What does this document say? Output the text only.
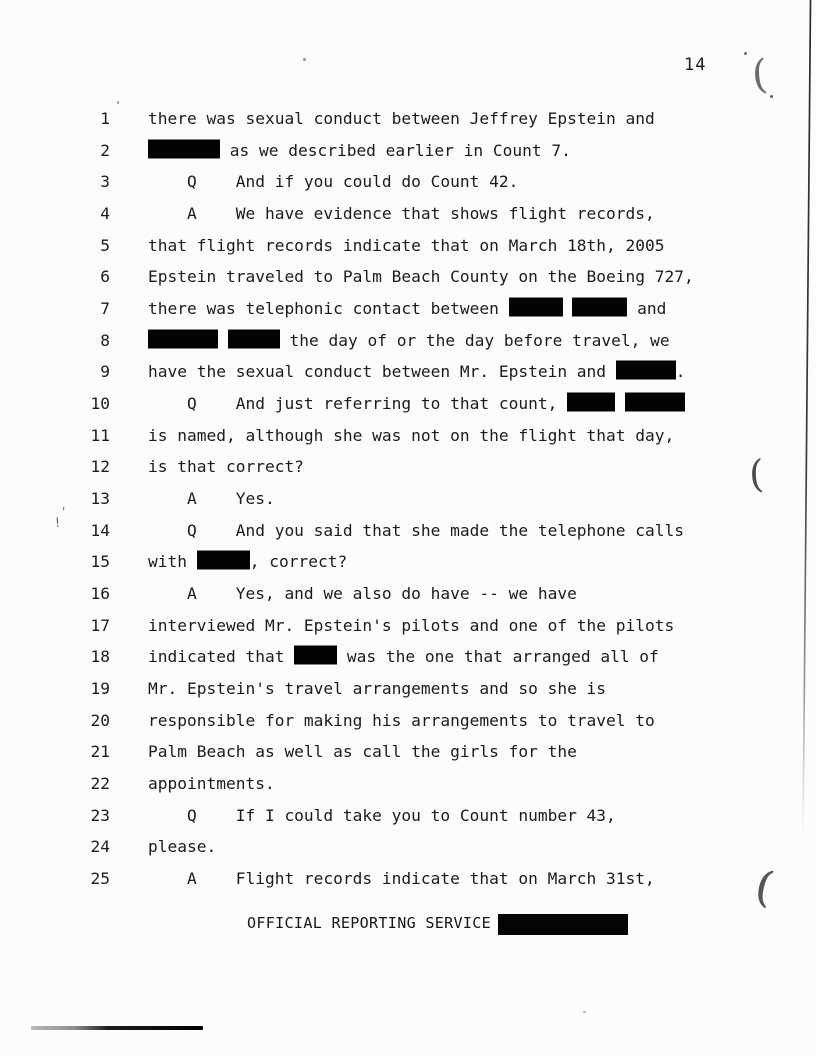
14
1 there was sexual conduct between Jeffrey Epstein and
2	as we described earlier in Count 7.
3 Q    And if you could do Count 42.
4 A    We have evidence that shows flight records,
5 that flight records indicate that on March 18th, 2005
6 Epstein traveled to Palm Beach County on the Boeing 727,
7 there was telephonic contact between	and
8	the day of or the day before travel, we
9 have the sexual conduct between Mr. Epstein and	.
10 Q    And just referring to that count,
11 is named, although she was not on the flight that day,
12 is that correct?
13 A    Yes.
14 Q    And you said that she made the telephone calls
15 with	, correct?
16 A    Yes, and we also do have -- we have
17 interviewed Mr. Epstein's pilots and one of the pilots
18 indicated that	was the one that arranged all of
19 Mr. Epstein's travel arrangements and so she is
20 responsible for making his arrangements to travel to
21 Palm Beach as well as call the girls for the
22 appointments.
23 Q    If I could take you to Count number 43,
24 please.
25 A    Flight records indicate that on March 31st,
OFFICIAL REPORTING SERVICE
(
(
(
'
!
